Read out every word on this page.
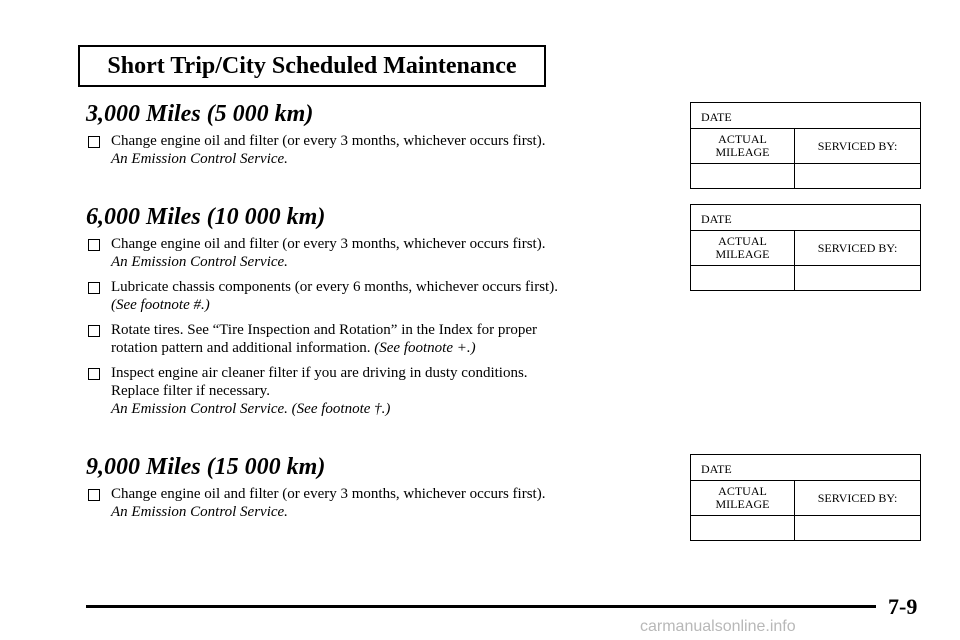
Short Trip/City Scheduled Maintenance
3,000 Miles (5 000 km)
Change engine oil and filter (or every 3 months, whichever occurs first).
An Emission Control Service.
6,000 Miles (10 000 km)
Change engine oil and filter (or every 3 months, whichever occurs first).
An Emission Control Service.
Lubricate chassis components (or every 6 months, whichever occurs first).
(See footnote #.)
Rotate tires. See “Tire Inspection and Rotation” in the Index for proper
rotation pattern and additional information. (See footnote +.)
Inspect engine air cleaner filter if you are driving in dusty conditions.
Replace filter if necessary.
An Emission Control Service. (See footnote †.)
9,000 Miles (15 000 km)
Change engine oil and filter (or every 3 months, whichever occurs first).
An Emission Control Service.
DATE
ACTUAL
MILEAGE	SERVICED BY:
DATE
ACTUAL
MILEAGE	SERVICED BY:
DATE
ACTUAL
MILEAGE	SERVICED BY:
7-9
carmanualsonline.info
